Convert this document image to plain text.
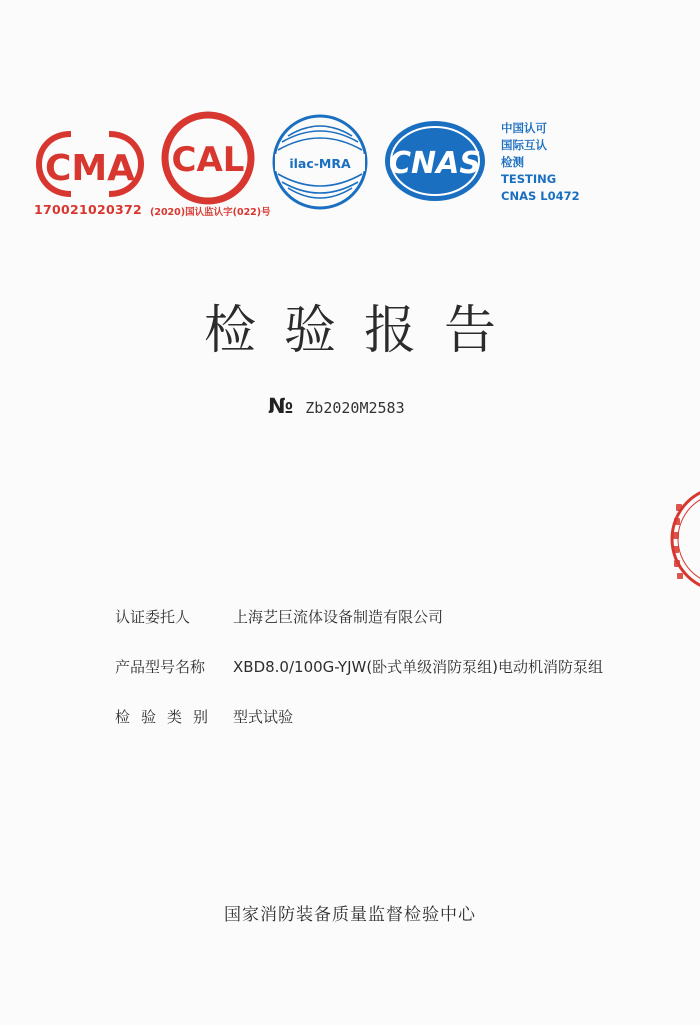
CMA
170021020372
CAL
(2020)国认监认字(022)号
ilac-MRA CNAS
中国认可
国际互认
检测
TESTING
CNAS L0472
检验报告
№ Zb2020M2583
认证委托人	上海艺巨流体设备制造有限公司
产品型号名称	XBD8.0/100G-YJW(卧式单级消防泵组)电动机消防泵组
检验类别 型式试验
国家消防装备质量监督检验中心
